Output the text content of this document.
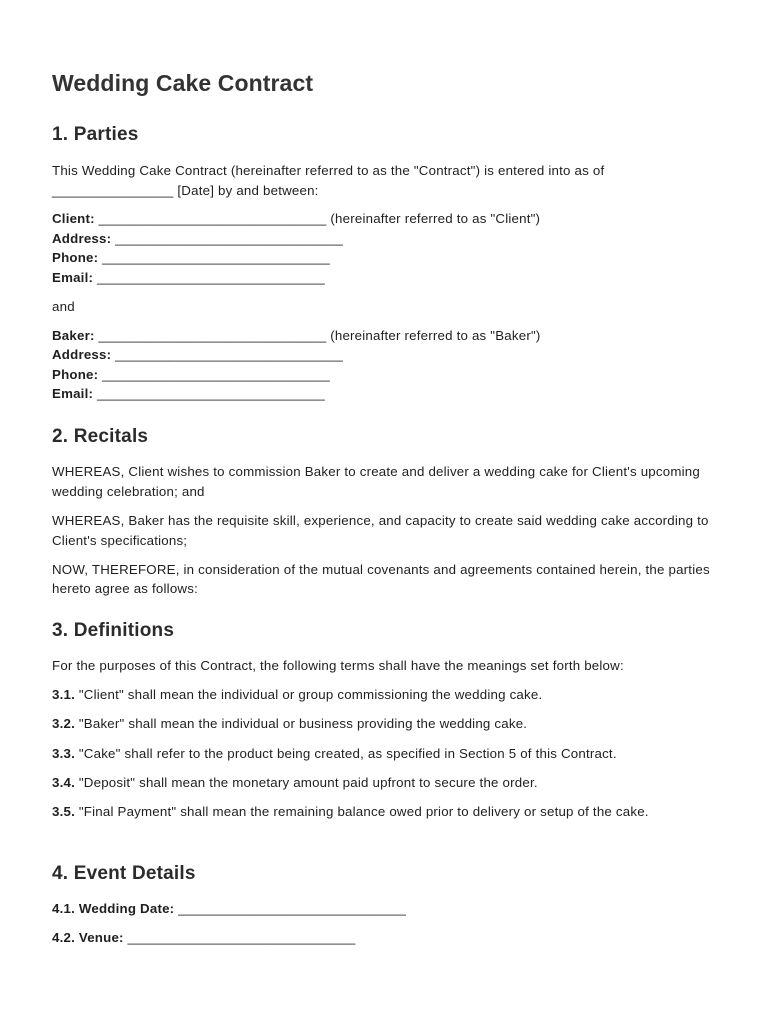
Wedding Cake Contract
1. Parties

This Wedding Cake Contract (hereinafter referred to as the "Contract") is entered into as of ________________ [Date] by and between:

Client: ______________________________ (hereinafter referred to as "Client")

Address: ______________________________

Phone: ______________________________

Email: ______________________________

and

Baker: ______________________________ (hereinafter referred to as "Baker")

Address: ______________________________

Phone: ______________________________

Email: ______________________________

2. Recitals

WHEREAS, Client wishes to commission Baker to create and deliver a wedding cake for Client's upcoming wedding celebration; and

WHEREAS, Baker has the requisite skill, experience, and capacity to create said wedding cake according to Client's specifications;

NOW, THEREFORE, in consideration of the mutual covenants and agreements contained herein, the parties hereto agree as follows:

3. Definitions

For the purposes of this Contract, the following terms shall have the meanings set forth below:

3.1. "Client" shall mean the individual or group commissioning the wedding cake.

3.2. "Baker" shall mean the individual or business providing the wedding cake.

3.3. "Cake" shall refer to the product being created, as specified in Section 5 of this Contract.

3.4. "Deposit" shall mean the monetary amount paid upfront to secure the order.

3.5. "Final Payment" shall mean the remaining balance owed prior to delivery or setup of the cake.

4. Event Details

4.1. Wedding Date: ______________________________

4.2. Venue: ______________________________
